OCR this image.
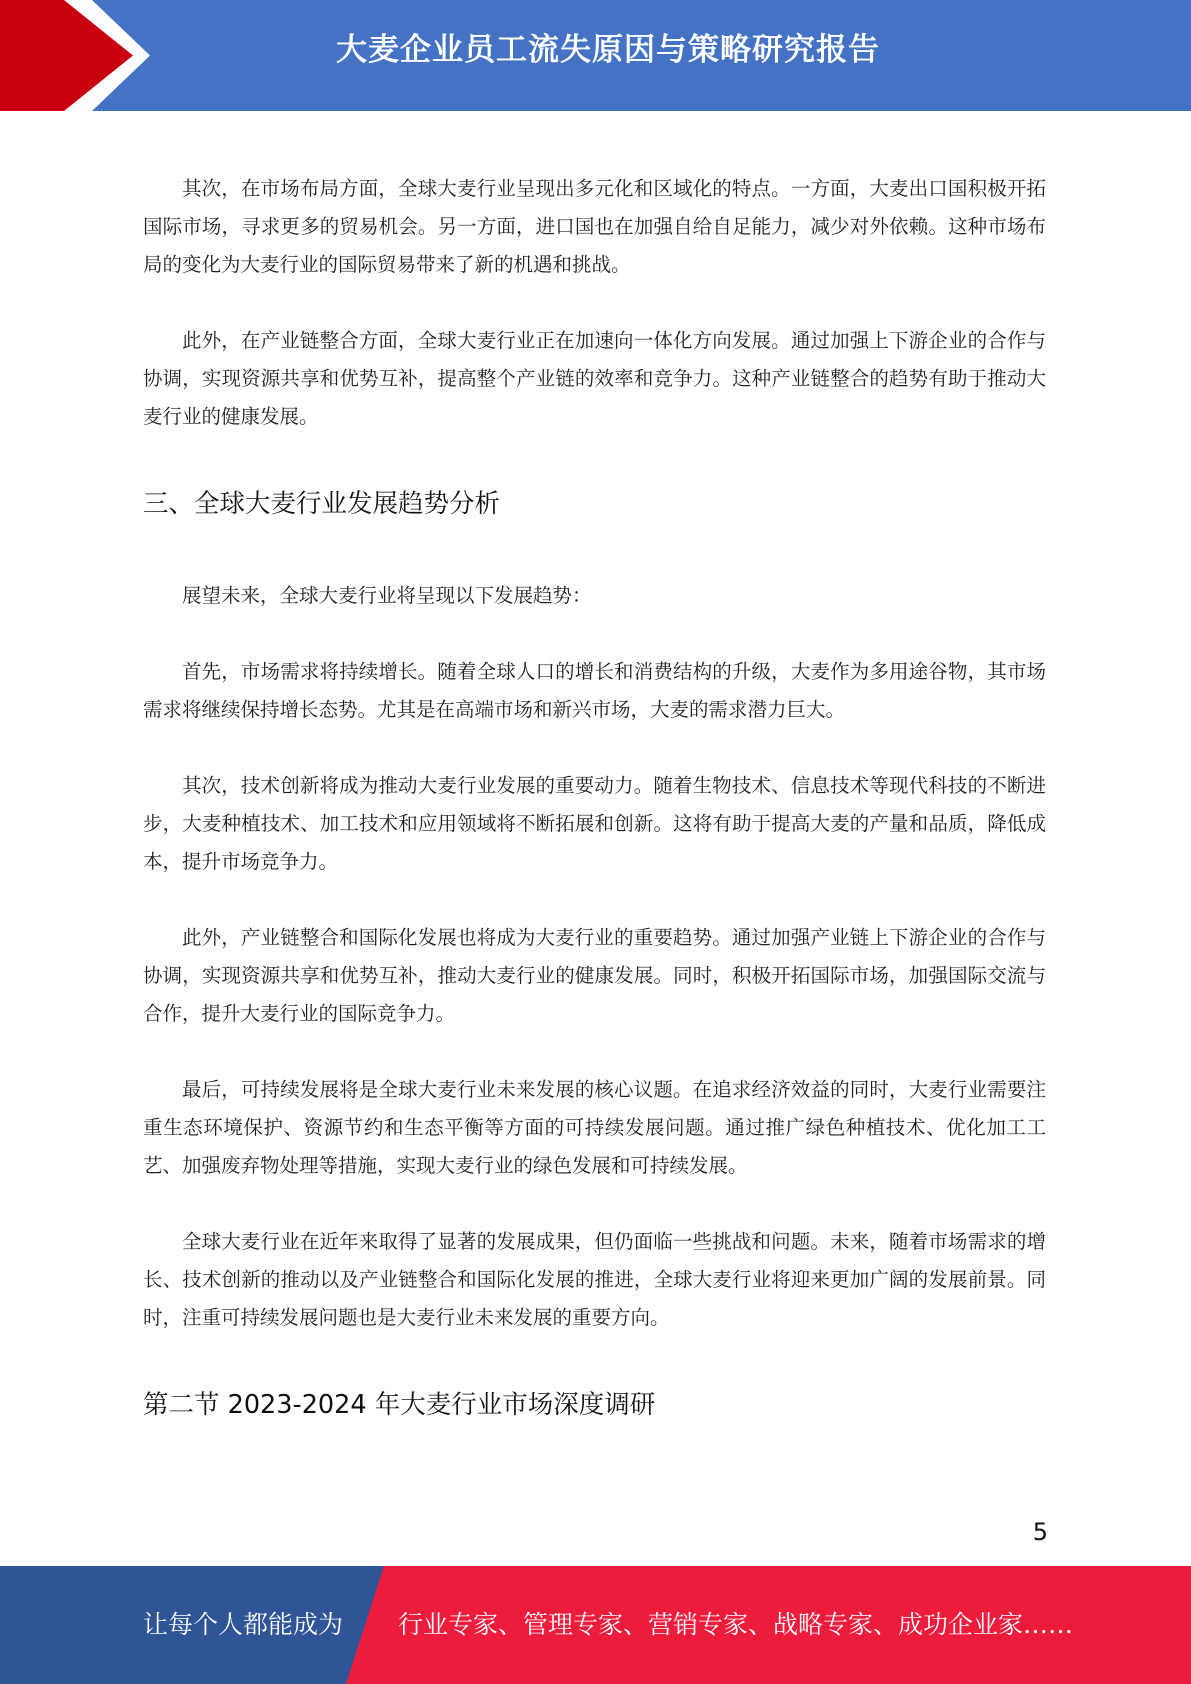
大麦企业员工流失原因与策略研究报告

其次，在市场布局方面，全球大麦行业呈现出多元化和区域化的特点。一方面，大麦出口国积极开拓国际市场，寻求更多的贸易机会。另一方面，进口国也在加强自给自足能力，减少对外依赖。这种市场布局的变化为大麦行业的国际贸易带来了新的机遇和挑战。

此外，在产业链整合方面，全球大麦行业正在加速向一体化方向发展。通过加强上下游企业的合作与协调，实现资源共享和优势互补，提高整个产业链的效率和竞争力。这种产业链整合的趋势有助于推动大麦行业的健康发展。

三、全球大麦行业发展趋势分析

展望未来，全球大麦行业将呈现以下发展趋势：

首先，市场需求将持续增长。随着全球人口的增长和消费结构的升级，大麦作为多用途谷物，其市场需求将继续保持增长态势。尤其是在高端市场和新兴市场，大麦的需求潜力巨大。

其次，技术创新将成为推动大麦行业发展的重要动力。随着生物技术、信息技术等现代科技的不断进步，大麦种植技术、加工技术和应用领域将不断拓展和创新。这将有助于提高大麦的产量和品质，降低成本，提升市场竞争力。

此外，产业链整合和国际化发展也将成为大麦行业的重要趋势。通过加强产业链上下游企业的合作与协调，实现资源共享和优势互补，推动大麦行业的健康发展。同时，积极开拓国际市场，加强国际交流与合作，提升大麦行业的国际竞争力。

最后，可持续发展将是全球大麦行业未来发展的核心议题。在追求经济效益的同时，大麦行业需要注重生态环境保护、资源节约和生态平衡等方面的可持续发展问题。通过推广绿色种植技术、优化加工工艺、加强废弃物处理等措施，实现大麦行业的绿色发展和可持续发展。

全球大麦行业在近年来取得了显著的发展成果，但仍面临一些挑战和问题。未来，随着市场需求的增长、技术创新的推动以及产业链整合和国际化发展的推进，全球大麦行业将迎来更加广阔的发展前景。同时，注重可持续发展问题也是大麦行业未来发展的重要方向。

第二节 2023-2024 年大麦行业市场深度调研
5
让每个人都能成为 行业专家、管理专家、营销专家、战略专家、成功企业家……
